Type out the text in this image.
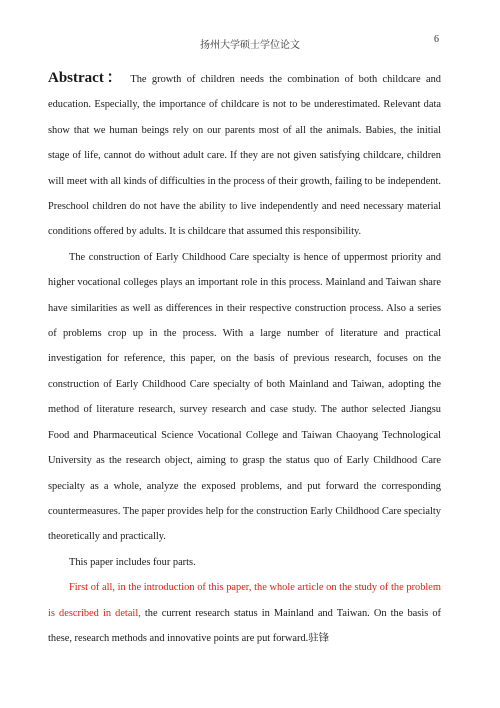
扬州大学硕士学位论文
6

Abstract： The growth of children needs the combination of both childcare and education. Especially, the importance of childcare is not to be underestimated. Relevant data show that we human beings rely on our parents most of all the animals. Babies, the initial stage of life, cannot do without adult care. If they are not given satisfying childcare, children will meet with all kinds of difficulties in the process of their growth, failing to be independent. Preschool children do not have the ability to live independently and need necessary material conditions offered by adults. It is childcare that assumed this responsibility.

The construction of Early Childhood Care specialty is hence of uppermost priority and higher vocational colleges plays an important role in this process. Mainland and Taiwan share have similarities as well as differences in their respective construction process. Also a series of problems crop up in the process. With a large number of literature and practical investigation for reference, this paper, on the basis of previous research, focuses on the construction of Early Childhood Care specialty of both Mainland and Taiwan, adopting the method of literature research, survey research and case study. The author selected Jiangsu Food and Pharmaceutical Science Vocational College and Taiwan Chaoyang Technological University as the research object, aiming to grasp the status quo of Early Childhood Care specialty as a whole, analyze the exposed problems, and put forward the corresponding countermeasures. The paper provides help for the construction Early Childhood Care specialty theoretically and practically.

This paper includes four parts.

First of all, in the introduction of this paper, the whole article on the study of the problem is described in detail, the current research status in Mainland and Taiwan. On the basis of these, research methods and innovative points are put forward.驻锋
